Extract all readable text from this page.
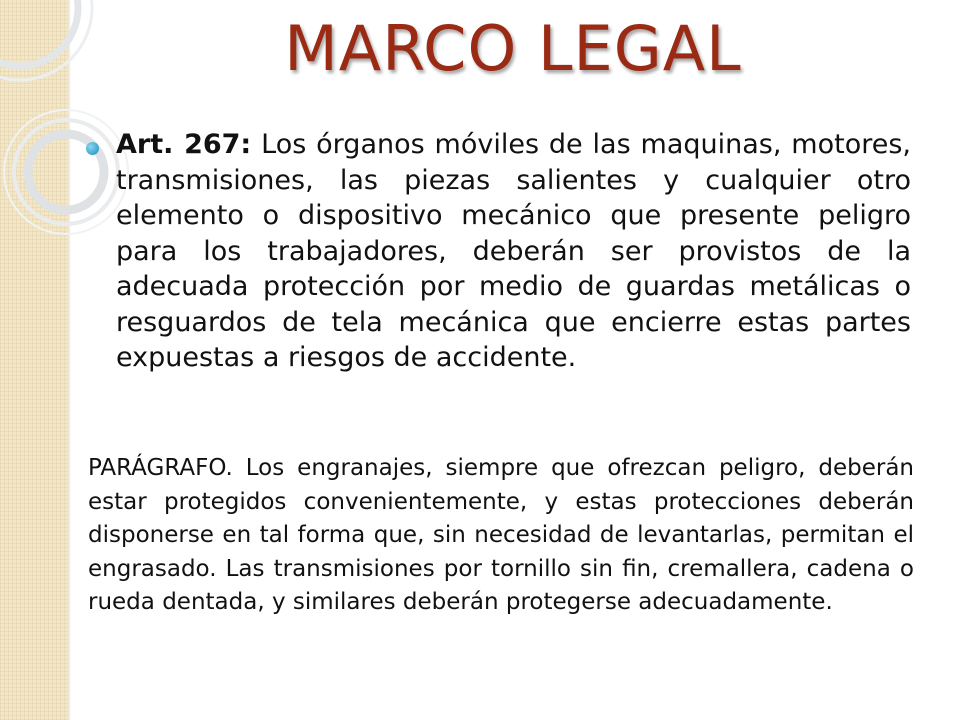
MARCO LEGAL

Art. 267: Los órganos móviles de las maquinas, motores, transmisiones, las piezas salientes y cualquier otro elemento o dispositivo mecánico que presente peligro para los trabajadores, deberán ser provistos de la adecuada protección por medio de guardas metálicas o resguardos de tela mecánica que encierre estas partes expuestas a riesgos de accidente.

PARÁGRAFO. Los engranajes, siempre que ofrezcan peligro, deberán estar protegidos convenientemente, y estas protecciones deberán disponerse en tal forma que, sin necesidad de levantarlas, permitan el engrasado. Las transmisiones por tornillo sin fin, cremallera, cadena o rueda dentada, y similares deberán protegerse adecuadamente.
